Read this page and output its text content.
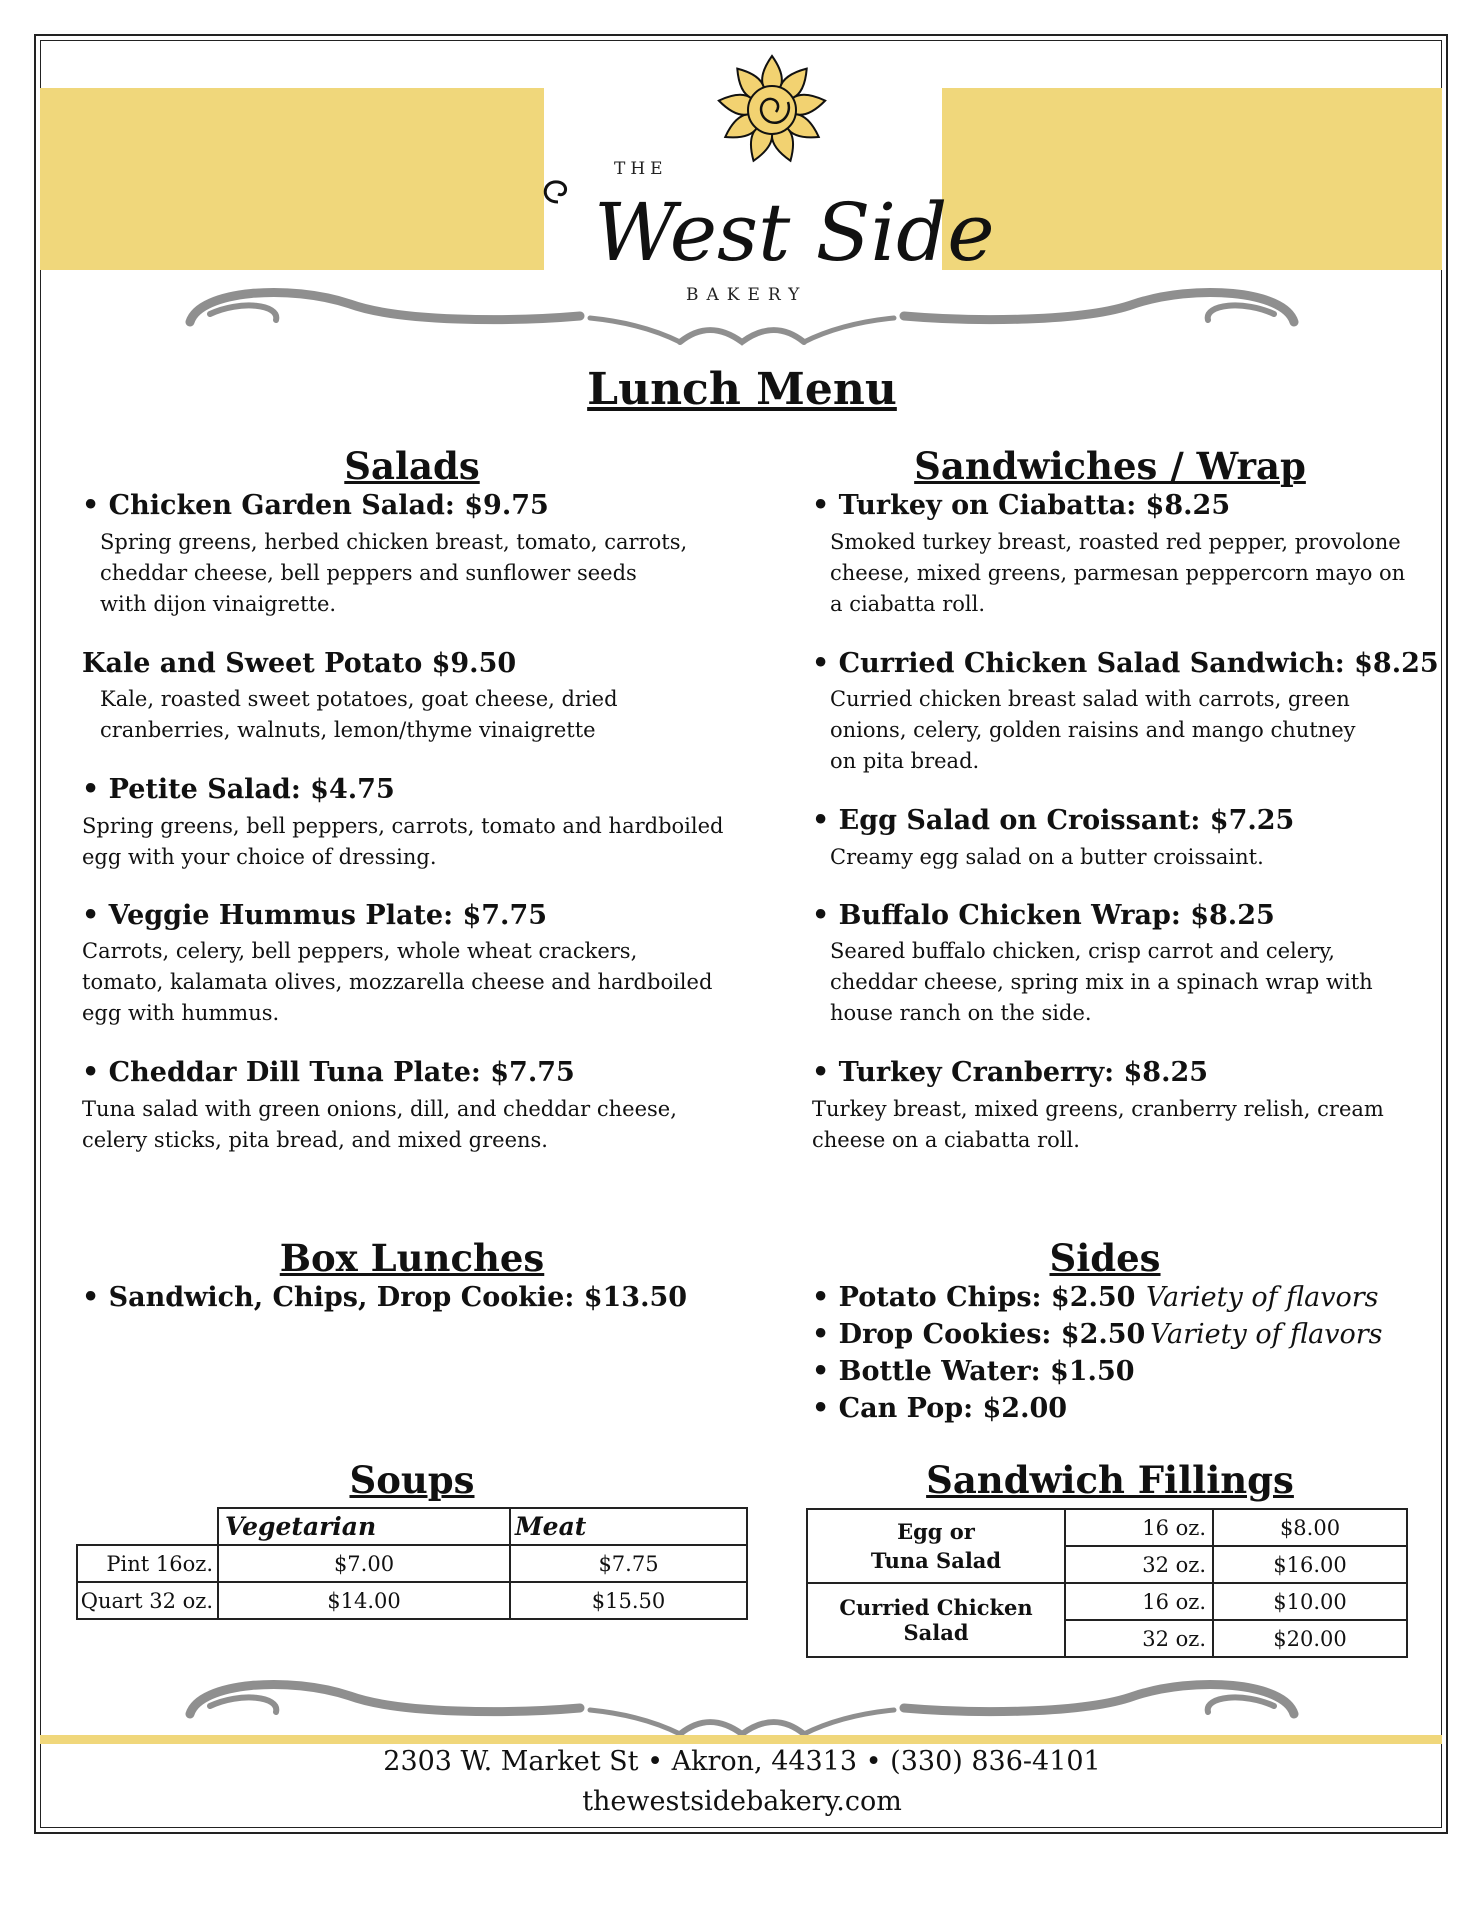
THE
West Side
BAKERY
Lunch Menu
Salads
• Chicken Garden Salad: $9.75
Spring greens, herbed chicken breast, tomato, carrots, cheddar cheese, bell peppers and sunflower seeds with dijon vinaigrette.
Kale and Sweet Potato $9.50
Kale, roasted sweet potatoes, goat cheese, dried cranberries, walnuts, lemon/thyme vinaigrette
• Petite Salad: $4.75
Spring greens, bell peppers, carrots, tomato and hardboiled egg with your choice of dressing.
• Veggie Hummus Plate: $7.75
Carrots, celery, bell peppers, whole wheat crackers, tomato, kalamata olives, mozzarella cheese and hardboiled egg with hummus.
• Cheddar Dill Tuna Plate: $7.75
Tuna salad with green onions, dill, and cheddar cheese, celery sticks, pita bread, and mixed greens.
Sandwiches / Wrap
• Turkey on Ciabatta: $8.25
Smoked turkey breast, roasted red pepper, provolone cheese, mixed greens, parmesan peppercorn mayo on a ciabatta roll.
• Curried Chicken Salad Sandwich: $8.25
Curried chicken breast salad with carrots, green onions, celery, golden raisins and mango chutney on pita bread.
• Egg Salad on Croissant: $7.25
Creamy egg salad on a butter croissaint.
• Buffalo Chicken Wrap: $8.25
Seared buffalo chicken, crisp carrot and celery, cheddar cheese, spring mix in a spinach wrap with house ranch on the side.
• Turkey Cranberry: $8.25
Turkey breast, mixed greens, cranberry relish, cream cheese on a ciabatta roll.
Box Lunches
• Sandwich, Chips, Drop Cookie: $13.50
Sides
• Potato Chips: $2.50 Variety of flavors
• Drop Cookies: $2.50 Variety of flavors
• Bottle Water: $1.50
• Can Pop: $2.00
Soups
	Vegetarian	Meat
Pint 16oz.	$7.00	$7.75
Quart 32 oz.	$14.00	$15.50
Sandwich Fillings
Egg or
Tuna Salad	16 oz.	$8.00
	32 oz.	$16.00
Curried Chicken Salad	16 oz.	$10.00
	32 oz.	$20.00
2303 W. Market St • Akron, 44313 • (330) 836-4101
thewestsidebakery.com
